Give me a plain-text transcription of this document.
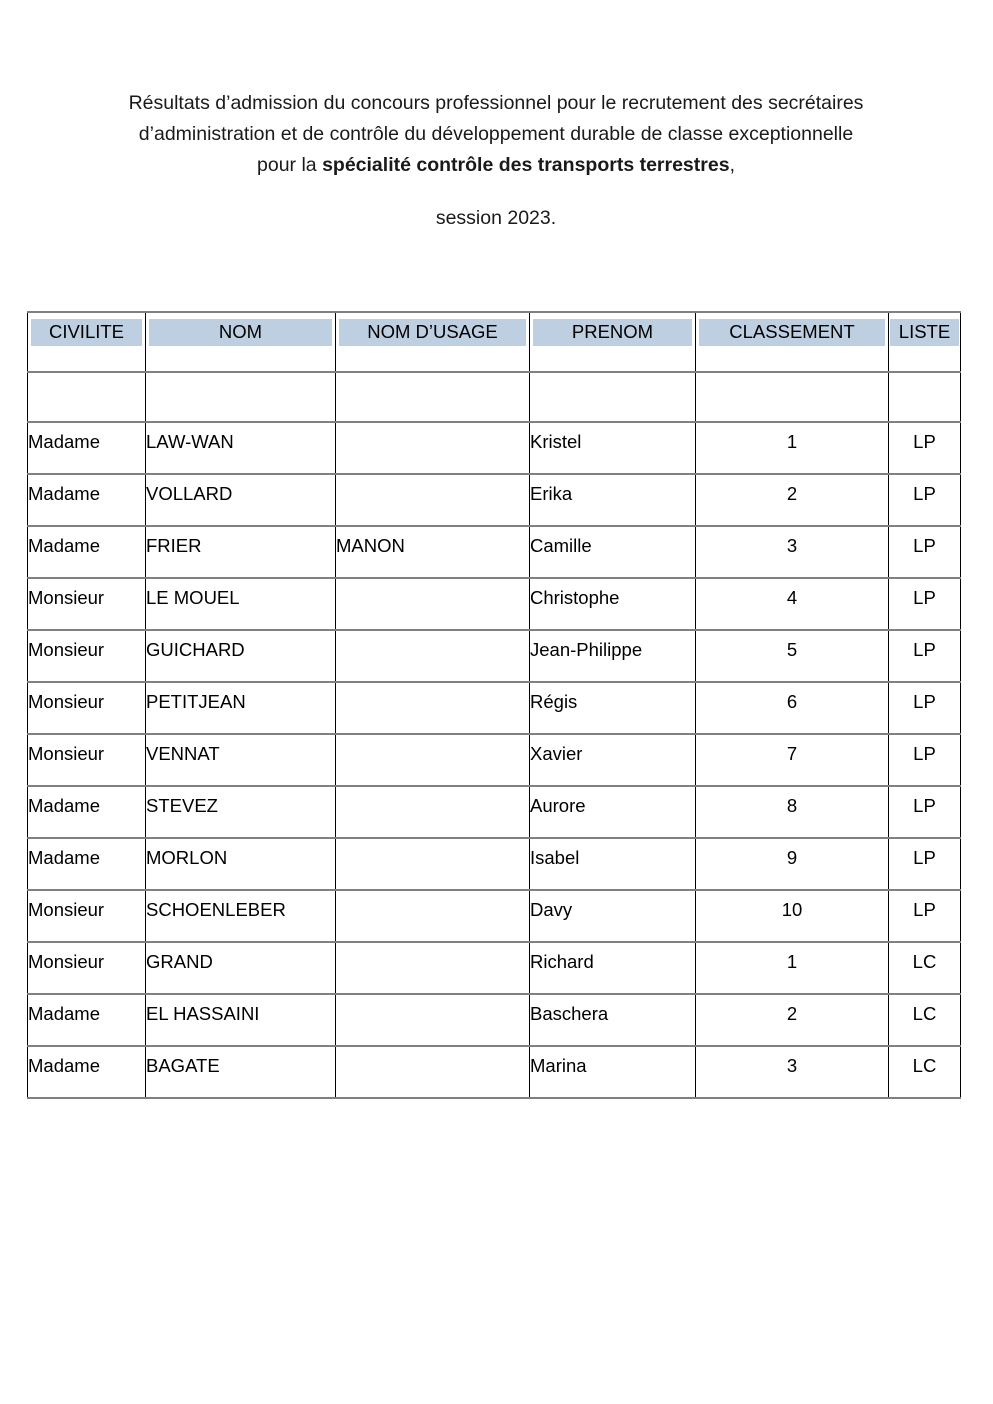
Résultats d’admission du concours professionnel pour le recrutement des secrétaires d’administration et de contrôle du développement durable de classe exceptionnelle pour la spécialité contrôle des transports terrestres,
session 2023.
CIVILITE	NOM	NOM D’USAGE	PRENOM	CLASSEMENT	LISTE

Madame	LAW-WAN		Kristel	1	LP
Madame	VOLLARD		Erika	2	LP
Madame	FRIER	MANON	Camille	3	LP
Monsieur	LE MOUEL		Christophe	4	LP
Monsieur	GUICHARD		Jean-Philippe	5	LP
Monsieur	PETITJEAN		Régis	6	LP
Monsieur	VENNAT		Xavier	7	LP
Madame	STEVEZ		Aurore	8	LP
Madame	MORLON		Isabel	9	LP
Monsieur	SCHOENLEBER		Davy	10	LP
Monsieur	GRAND		Richard	1	LC
Madame	EL HASSAINI		Baschera	2	LC
Madame	BAGATE		Marina	3	LC
